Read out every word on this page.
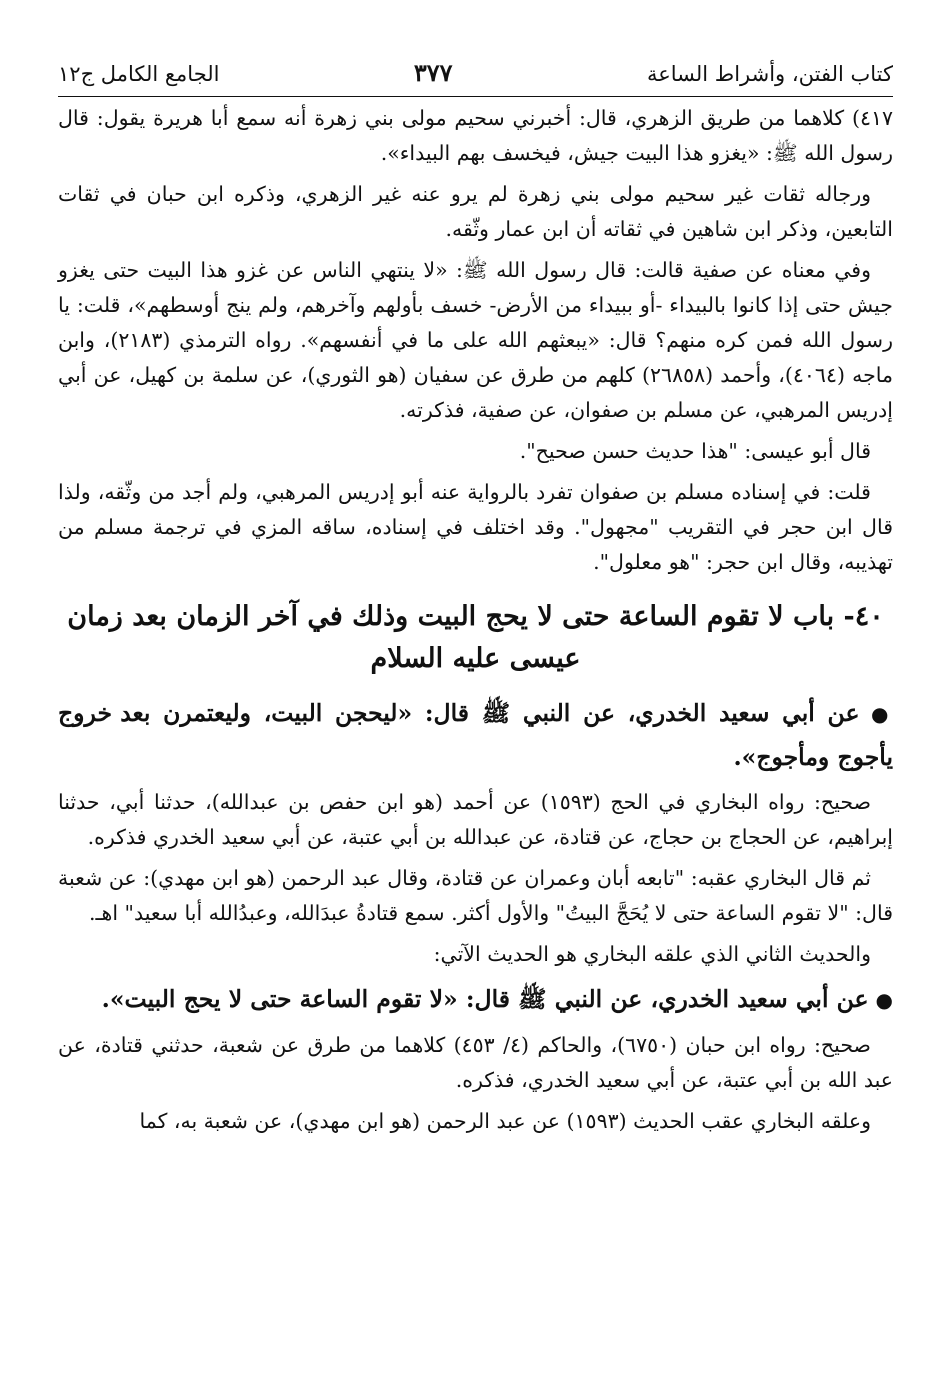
كتاب الفتن، وأشراط الساعة
٣٧٧
الجامع الكامل ج١٢

٤١٧) كلاهما من طريق الزهري، قال: أخبرني سحيم مولى بني زهرة أنه سمع أبا هريرة يقول: قال رسول الله ﷺ: «يغزو هذا البيت جيش، فيخسف بهم البيداء».

ورجاله ثقات غير سحيم مولى بني زهرة لم يرو عنه غير الزهري، وذكره ابن حبان في ثقات التابعين، وذكر ابن شاهين في ثقاته أن ابن عمار وثّقه.

وفي معناه عن صفية قالت: قال رسول الله ﷺ: «لا ينتهي الناس عن غزو هذا البيت حتى يغزو جيش حتى إذا كانوا بالبيداء -أو ببيداء من الأرض- خسف بأولهم وآخرهم، ولم ينج أوسطهم»، قلت: يا رسول الله فمن كره منهم؟ قال: «يبعثهم الله على ما في أنفسهم». رواه الترمذي (٢١٨٣)، وابن ماجه (٤٠٦٤)، وأحمد (٢٦٨٥٨) كلهم من طرق عن سفيان (هو الثوري)، عن سلمة بن كهيل، عن أبي إدريس المرهبي، عن مسلم بن صفوان، عن صفية، فذكرته.

قال أبو عيسى: "هذا حديث حسن صحيح".

قلت: في إسناده مسلم بن صفوان تفرد بالرواية عنه أبو إدريس المرهبي، ولم أجد من وثّقه، ولذا قال ابن حجر في التقريب "مجهول". وقد اختلف في إسناده، ساقه المزي في ترجمة مسلم من تهذيبه، وقال ابن حجر: "هو معلول".

٤٠- باب لا تقوم الساعة حتى لا يحج البيت وذلك في آخر الزمان بعد زمان عيسى عليه السلام

● عن أبي سعيد الخدري، عن النبي ﷺ قال: «ليحجن البيت، وليعتمرن بعد خروج يأجوج ومأجوج».

صحيح: رواه البخاري في الحج (١٥٩٣) عن أحمد (هو ابن حفص بن عبدالله)، حدثنا أبي، حدثنا إبراهيم، عن الحجاج بن حجاج، عن قتادة، عن عبدالله بن أبي عتبة، عن أبي سعيد الخدري فذكره.

ثم قال البخاري عقبه: "تابعه أبان وعمران عن قتادة، وقال عبد الرحمن (هو ابن مهدي): عن شعبة قال: "لا تقوم الساعة حتى لا يُحَجَّ البيتُ" والأول أكثر. سمع قتادةُ عبدَالله، وعبدُالله أبا سعيد" اهـ.

والحديث الثاني الذي علقه البخاري هو الحديث الآتي:

● عن أبي سعيد الخدري، عن النبي ﷺ قال: «لا تقوم الساعة حتى لا يحج البيت».

صحيح: رواه ابن حبان (٦٧٥٠)، والحاكم (٤/ ٤٥٣) كلاهما من طرق عن شعبة، حدثني قتادة، عن عبد الله بن أبي عتبة، عن أبي سعيد الخدري، فذكره.

وعلقه البخاري عقب الحديث (١٥٩٣) عن عبد الرحمن (هو ابن مهدي)، عن شعبة به، كما
